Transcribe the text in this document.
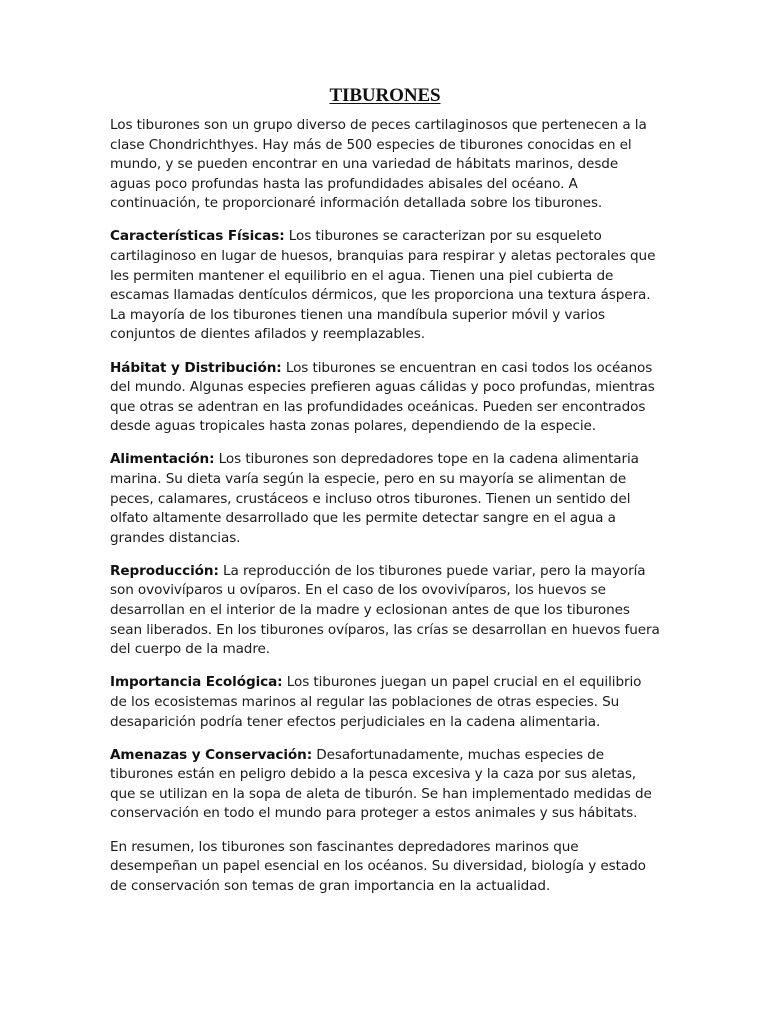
TIBURONES

Los tiburones son un grupo diverso de peces cartilaginosos que pertenecen a la clase Chondrichthyes. Hay más de 500 especies de tiburones conocidas en el mundo, y se pueden encontrar en una variedad de hábitats marinos, desde aguas poco profundas hasta las profundidades abisales del océano. A continuación, te proporcionaré información detallada sobre los tiburones.

Características Físicas: Los tiburones se caracterizan por su esqueleto cartilaginoso en lugar de huesos, branquias para respirar y aletas pectorales que les permiten mantener el equilibrio en el agua. Tienen una piel cubierta de escamas llamadas dentículos dérmicos, que les proporciona una textura áspera. La mayoría de los tiburones tienen una mandíbula superior móvil y varios conjuntos de dientes afilados y reemplazables.

Hábitat y Distribución: Los tiburones se encuentran en casi todos los océanos del mundo. Algunas especies prefieren aguas cálidas y poco profundas, mientras que otras se adentran en las profundidades oceánicas. Pueden ser encontrados desde aguas tropicales hasta zonas polares, dependiendo de la especie.

Alimentación: Los tiburones son depredadores tope en la cadena alimentaria marina. Su dieta varía según la especie, pero en su mayoría se alimentan de peces, calamares, crustáceos e incluso otros tiburones. Tienen un sentido del olfato altamente desarrollado que les permite detectar sangre en el agua a grandes distancias.

Reproducción: La reproducción de los tiburones puede variar, pero la mayoría son ovovivíparos u ovíparos. En el caso de los ovovivíparos, los huevos se desarrollan en el interior de la madre y eclosionan antes de que los tiburones sean liberados. En los tiburones ovíparos, las crías se desarrollan en huevos fuera del cuerpo de la madre.

Importancia Ecológica: Los tiburones juegan un papel crucial en el equilibrio de los ecosistemas marinos al regular las poblaciones de otras especies. Su desaparición podría tener efectos perjudiciales en la cadena alimentaria.

Amenazas y Conservación: Desafortunadamente, muchas especies de tiburones están en peligro debido a la pesca excesiva y la caza por sus aletas, que se utilizan en la sopa de aleta de tiburón. Se han implementado medidas de conservación en todo el mundo para proteger a estos animales y sus hábitats.

En resumen, los tiburones son fascinantes depredadores marinos que desempeñan un papel esencial en los océanos. Su diversidad, biología y estado de conservación son temas de gran importancia en la actualidad.
